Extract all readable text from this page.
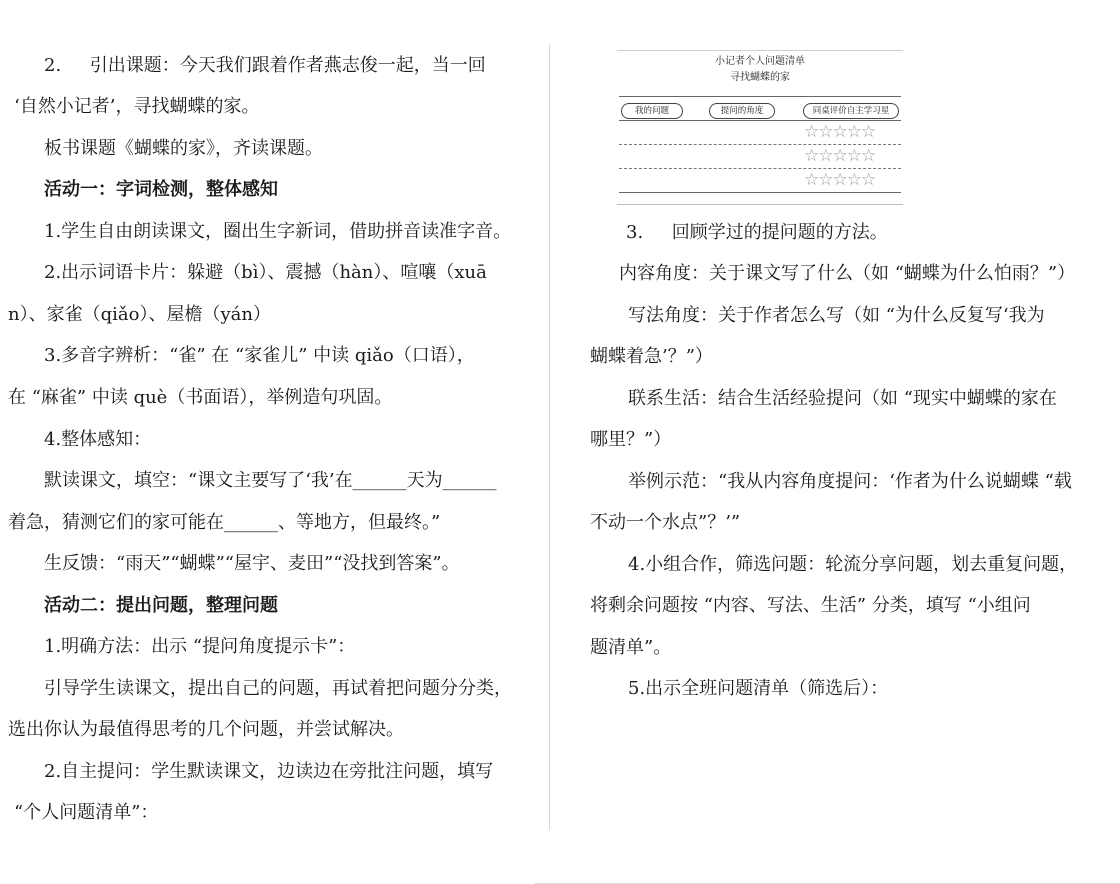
2.     引出课题：今天我们跟着作者燕志俊一起，当一回
‘自然小记者’，寻找蝴蝶的家。
板书课题《蝴蝶的家》，齐读课题。
活动一：字词检测，整体感知
1.学生自由朗读课文，圈出生字新词，借助拼音读准字音。
2.出示词语卡片：躲避（bì）、震撼（hàn）、喧嚷（xuā
n）、家雀（qiǎo）、屋檐（yán）
3.多音字辨析：“雀” 在 “家雀儿” 中读 qiǎo（口语），
在 “麻雀” 中读 què（书面语），举例造句巩固。
4.整体感知：
默读课文，填空：“课文主要写了‘我’在______天为______
着急，猜测它们的家可能在______、等地方，但最终。”
生反馈：“雨天”“蝴蝶”“屋宇、麦田”“没找到答案”。
活动二：提出问题，整理问题
1.明确方法：出示 “提问角度提示卡”：
引导学生读课文，提出自己的问题，再试着把问题分分类，
选出你认为最值得思考的几个问题，并尝试解决。
2.自主提问：学生默读课文，边读边在旁批注问题，填写
“个人问题清单”：
小记者个人问题清单
寻找蝴蝶的家
我的问题	提问的角度	同桌评价自主学习星
☆☆☆☆☆
☆☆☆☆☆
☆☆☆☆☆
3.     回顾学过的提问题的方法。
内容角度：关于课文写了什么（如 “蝴蝶为什么怕雨？”）
写法角度：关于作者怎么写（如 “为什么反复写‘我为
蝴蝶着急’？”）
联系生活：结合生活经验提问（如 “现实中蝴蝶的家在
哪里？”）
举例示范：“我从内容角度提问：‘作者为什么说蝴蝶 “载
不动一个水点”？’”
4.小组合作，筛选问题：轮流分享问题，划去重复问题，
将剩余问题按 “内容、写法、生活” 分类，填写 “小组问
题清单”。
5.出示全班问题清单（筛选后）：
